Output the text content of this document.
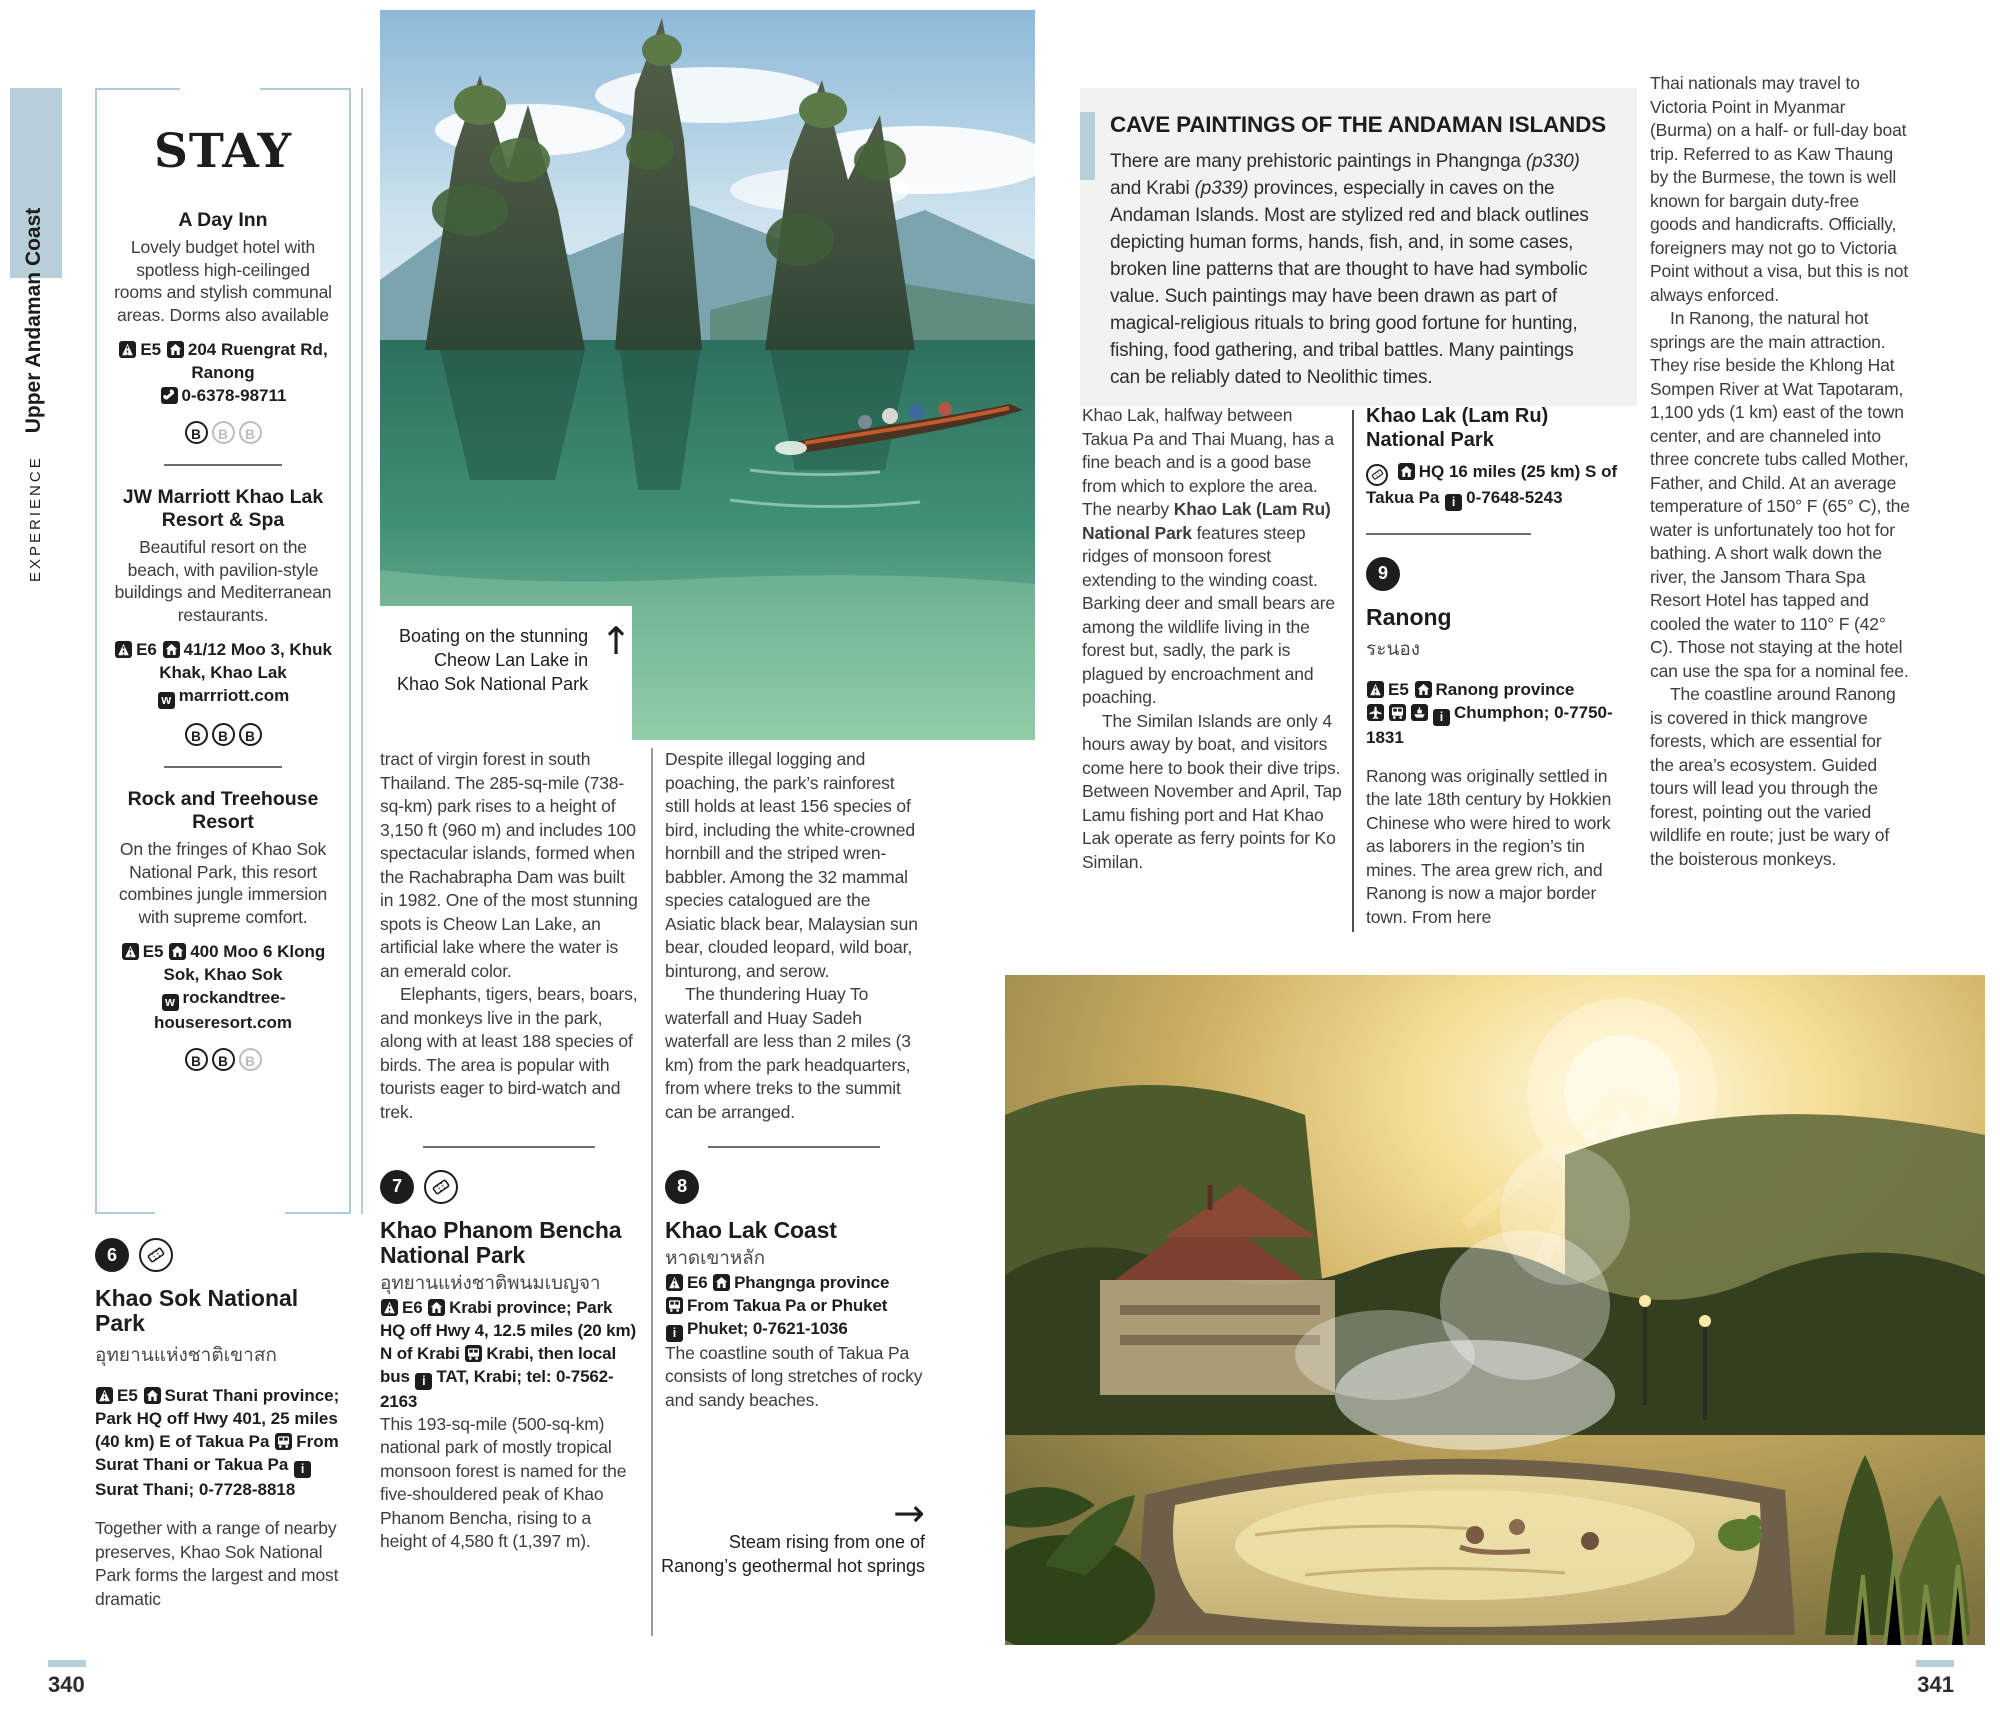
EXPERIENCE
Upper Andaman Coast
Boating on the stunning Cheow Lan Lake in Khao Sok National Park
↑
STAY

A Day Inn

Lovely budget hotel with spotless high-ceilinged rooms and stylish communal areas. Dorms also available

E5 204 Ruengrat Rd, Ranong

0-6378-98711

B B B

JW Marriott Khao Lak Resort & Spa

Beautiful resort on the beach, with pavilion-style buildings and Mediterranean restaurants.

E6 41/12 Moo 3, Khuk Khak, Khao Lak
w marrriott.com

B B B

Rock and Treehouse Resort

On the fringes of Khao Sok National Park, this resort combines jungle immersion with supreme comfort.

E5 400 Moo 6 Klong Sok, Khao Sok
w rockandtree-houseresort.com

B B B
6
Khao Sok National Park

อุทยานแห่งชาติเขาสก

E5 Surat Thani province; Park HQ off Hwy 401, 25 miles (40 km) E of Takua Pa From Surat Thani or Takua Pa iSurat Thani; 0-7728-8818

Together with a range of nearby preserves, Khao Sok National Park forms the largest and most dramatic

tract of virgin forest in south Thailand. The 285-sq-mile (738-sq-km) park rises to a height of 3,150 ft (960 m) and includes 100 spectacular islands, formed when the Rachabrapha Dam was built in 1982. One of the most stunning spots is Cheow Lan Lake, an artificial lake where the water is an emerald color.

Elephants, tigers, bears, boars, and monkeys live in the park, along with at least 188 species of birds. The area is popular with tourists eager to bird-watch and trek.

7
Khao Phanom Bencha National Park

อุทยานแห่งชาติพนมเบญจา

E6 Krabi province; Park HQ off Hwy 4, 12.5 miles (20 km) N of Krabi Krabi, then local bus i TAT, Krabi; tel: 0-7562-2163

This 193-sq-mile (500-sq-km) national park of mostly tropical monsoon forest is named for the five-shouldered peak of Khao Phanom Bencha, rising to a height of 4,580 ft (1,397 m).

Despite illegal logging and poaching, the park’s rainforest still holds at least 156 species of bird, including the white-crowned hornbill and the striped wren-babbler. Among the 32 mammal species catalogued are the Asiatic black bear, Malaysian sun bear, clouded leopard, wild boar, binturong, and serow.

The thundering Huay To waterfall and Huay Sadeh waterfall are less than 2 miles (3 km) from the park headquarters, from where treks to the summit can be arranged.

8
Khao Lak Coast

หาดเขาหลัก

E6 Phangnga province

From Takua Pa or Phuket
i Phuket; 0-7621-1036

The coastline south of Takua Pa consists of long stretches of rocky and sandy beaches.

→
Steam rising from one of Ranong’s geothermal hot springs
CAVE PAINTINGS OF THE ANDAMAN ISLANDS
There are many prehistoric paintings in Phangnga (p330) and Krabi (p339) provinces, especially in caves on the Andaman Islands. Most are stylized red and black outlines depicting human forms, hands, fish, and, in some cases, broken line patterns that are thought to have had symbolic value. Such paintings may have been drawn as part of magical-religious rituals to bring good fortune for hunting, fishing, food gathering, and tribal battles. Many paintings can be reliably dated to Neolithic times.

Khao Lak, halfway between Takua Pa and Thai Muang, has a fine beach and is a good base from which to explore the area. The nearby Khao Lak (Lam Ru) National Park features steep ridges of monsoon forest extending to the winding coast. Barking deer and small bears are among the wildlife living in the forest but, sadly, the park is plagued by encroachment and poaching.

The Similan Islands are only 4 hours away by boat, and visitors come here to book their dive trips. Between November and April, Tap Lamu fishing port and Hat Khao Lak operate as ferry points for Ko Similan.

Khao Lak (Lam Ru) National Park

HQ 16 miles (25 km) S of Takua Pa i 0-7648-5243

9
Ranong

ระนอง

E5 Ranong province

i Chumphon; 0-7750-1831

Ranong was originally settled in the late 18th century by Hokkien Chinese who were hired to work as laborers in the region’s tin mines. The area grew rich, and Ranong is now a major border town. From here

Thai nationals may travel to Victoria Point in Myanmar (Burma) on a half- or full-day boat trip. Referred to as Kaw Thaung by the Burmese, the town is well known for bargain duty-free goods and handicrafts. Officially, foreigners may not go to Victoria Point without a visa, but this is not always enforced.

In Ranong, the natural hot springs are the main attraction. They rise beside the Khlong Hat Sompen River at Wat Tapotaram, 1,100 yds (1 km) east of the town center, and are channeled into three concrete tubs called Mother, Father, and Child. At an average temperature of 150° F (65° C), the water is unfortunately too hot for bathing. A short walk down the river, the Jansom Thara Spa Resort Hotel has tapped and cooled the water to 110° F (42° C). Those not staying at the hotel can use the spa for a nominal fee.

The coastline around Ranong is covered in thick mangrove forests, which are essential for the area’s ecosystem. Guided tours will lead you through the forest, pointing out the varied wildlife en route; just be wary of the boisterous monkeys.

340	341
